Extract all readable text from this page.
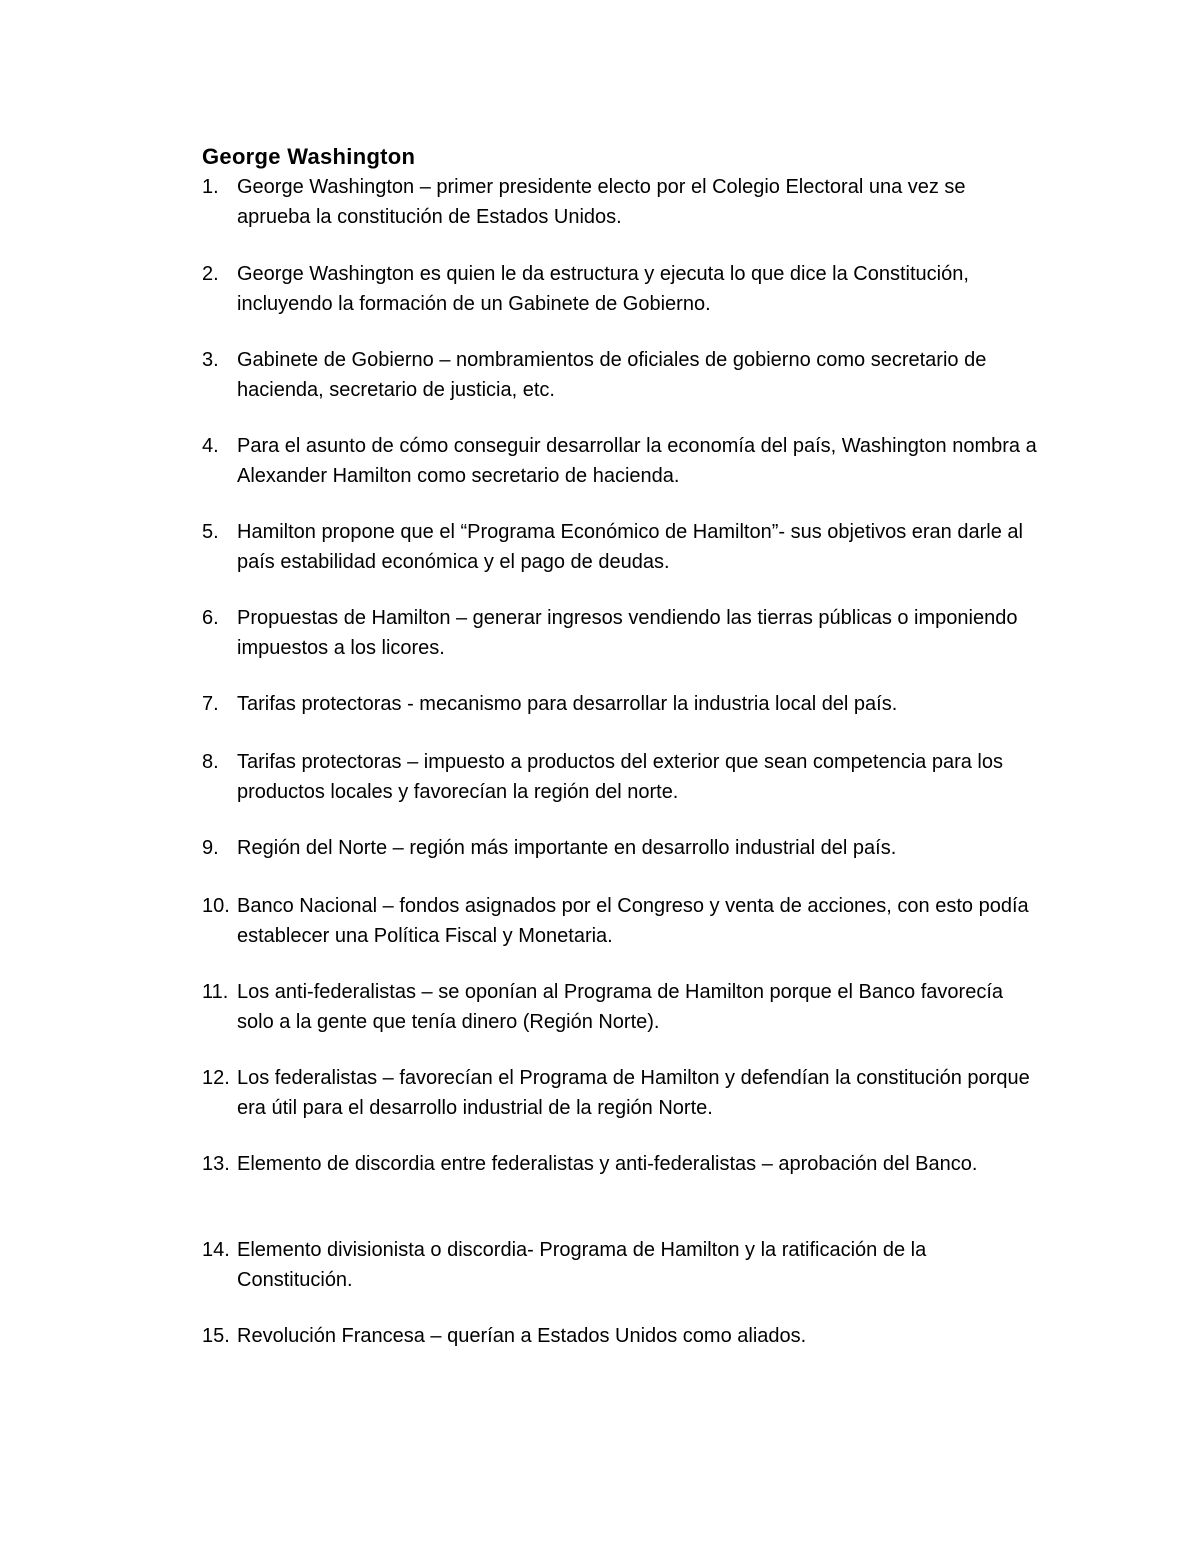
George Washington
1. George Washington – primer presidente electo por el Colegio Electoral una vez se aprueba la constitución de Estados Unidos.
2. George Washington es quien le da estructura y ejecuta lo que dice la Constitución, incluyendo la formación de un Gabinete de Gobierno.
3. Gabinete de Gobierno – nombramientos de oficiales de gobierno como secretario de hacienda, secretario de justicia, etc.
4. Para el asunto de cómo conseguir desarrollar la economía del país, Washington nombra a Alexander Hamilton como secretario de hacienda.
5. Hamilton propone que el “Programa Económico de Hamilton”- sus objetivos eran darle al país estabilidad económica y el pago de deudas.
6. Propuestas de Hamilton – generar ingresos vendiendo las tierras públicas o imponiendo impuestos a los licores.
7. Tarifas protectoras - mecanismo para desarrollar la industria local del país.
8. Tarifas protectoras – impuesto a productos del exterior que sean competencia para los productos locales y favorecían la región del norte.
9. Región del Norte – región más importante en desarrollo industrial del país.
10. Banco Nacional – fondos asignados por el Congreso y venta de acciones, con esto podía establecer una Política Fiscal y Monetaria.
11. Los anti-federalistas – se oponían al Programa de Hamilton porque el Banco favorecía solo a la gente que tenía dinero (Región Norte).
12. Los federalistas – favorecían el Programa de Hamilton y defendían la constitución porque era útil para el desarrollo industrial de la región Norte.
13. Elemento de discordia entre federalistas y anti-federalistas – aprobación del Banco.
14. Elemento divisionista o discordia- Programa de Hamilton y la ratificación de la Constitución.
15. Revolución Francesa – querían a Estados Unidos como aliados.
